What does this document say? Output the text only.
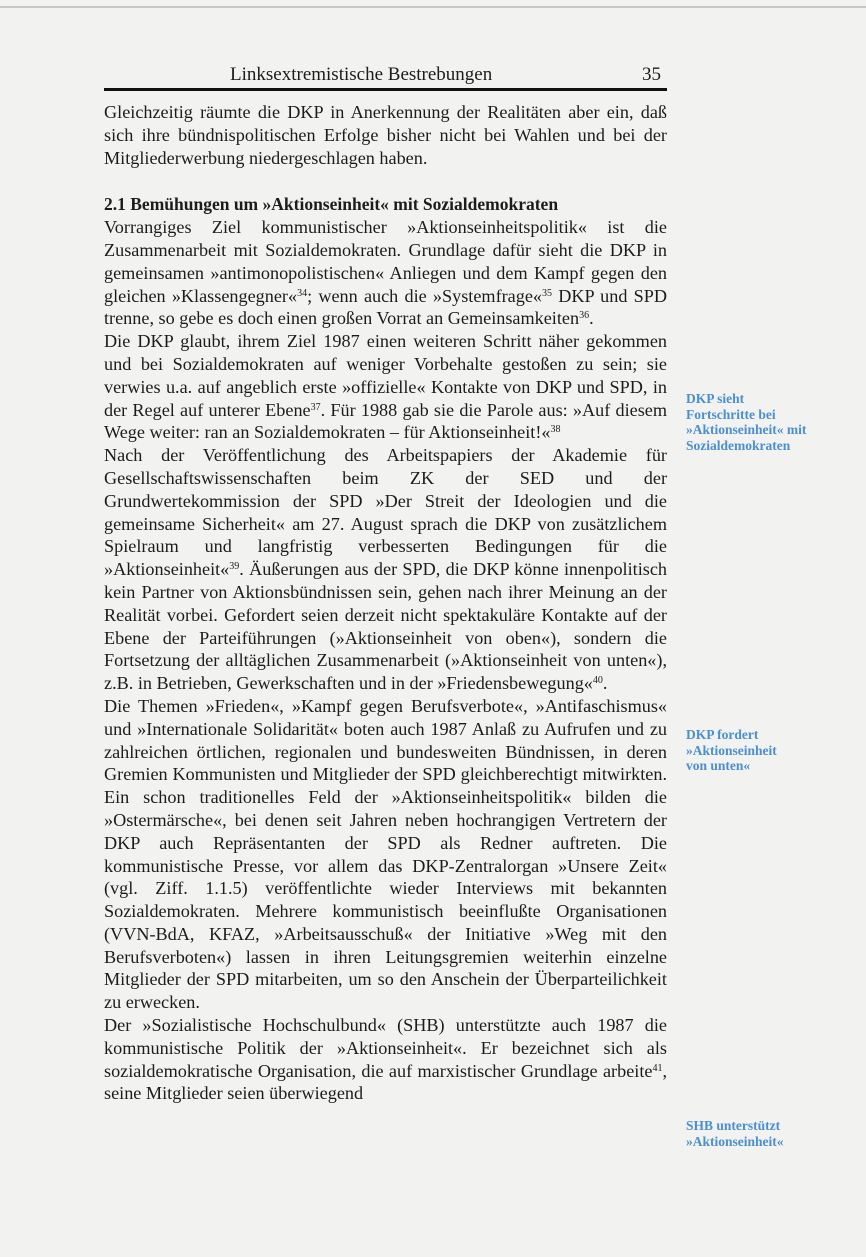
Linksextremistische Bestrebungen	35

Gleichzeitig räumte die DKP in Anerkennung der Realitäten aber ein, daß sich ihre bündnispolitischen Erfolge bisher nicht bei Wahlen und bei der Mitgliederwerbung niedergeschlagen haben.

2.1 Bemühungen um »Aktionseinheit« mit Sozialdemokraten

Vorrangiges Ziel kommunistischer »Aktionseinheitspolitik« ist die Zusammenarbeit mit Sozialdemokraten. Grundlage dafür sieht die DKP in gemeinsamen »antimonopolistischen« Anliegen und dem Kampf gegen den gleichen »Klassengegner«$^{34}$; wenn auch die »Systemfrage«$^{35}$ DKP und SPD trenne, so gebe es doch einen großen Vorrat an Gemeinsamkeiten$^{36}$.

Die DKP glaubt, ihrem Ziel 1987 einen weiteren Schritt näher gekommen und bei Sozialdemokraten auf weniger Vorbehalte gestoßen zu sein; sie verwies u.a. auf angeblich erste »offizielle« Kontakte von DKP und SPD, in der Regel auf unterer Ebene$^{37}$. Für 1988 gab sie die Parole aus: »Auf diesem Wege weiter: ran an Sozialdemokraten – für Aktionseinheit!«$^{38}$

Nach der Veröffentlichung des Arbeitspapiers der Akademie für Gesellschaftswissenschaften beim ZK der SED und der Grundwertekommission der SPD »Der Streit der Ideologien und die gemeinsame Sicherheit« am 27. August sprach die DKP von zusätzlichem Spielraum und langfristig verbesserten Bedingungen für die »Aktionseinheit«$^{39}$. Äußerungen aus der SPD, die DKP könne innenpolitisch kein Partner von Aktionsbündnissen sein, gehen nach ihrer Meinung an der Realität vorbei. Gefordert seien derzeit nicht spektakuläre Kontakte auf der Ebene der Parteiführungen (»Aktionseinheit von oben«), sondern die Fortsetzung der alltäglichen Zusammenarbeit (»Aktionseinheit von unten«), z.B. in Betrieben, Gewerkschaften und in der »Friedensbewegung«$^{40}$.

Die Themen »Frieden«, »Kampf gegen Berufsverbote«, »Antifaschismus« und »Internationale Solidarität« boten auch 1987 Anlaß zu Aufrufen und zu zahlreichen örtlichen, regionalen und bundesweiten Bündnissen, in deren Gremien Kommunisten und Mitglieder der SPD gleichberechtigt mitwirkten. Ein schon traditionelles Feld der »Aktionseinheitspolitik« bilden die »Ostermärsche«, bei denen seit Jahren neben hochrangigen Vertretern der DKP auch Repräsentanten der SPD als Redner auftreten. Die kommunistische Presse, vor allem das DKP-Zentralorgan »Unsere Zeit« (vgl. Ziff. 1.1.5) veröffentlichte wieder Interviews mit bekannten Sozialdemokraten. Mehrere kommunistisch beeinflußte Organisationen (VVN-BdA, KFAZ, »Arbeitsausschuß« der Initiative »Weg mit den Berufsverboten«) lassen in ihren Leitungsgremien weiterhin einzelne Mitglieder der SPD mitarbeiten, um so den Anschein der Überparteilichkeit zu erwecken.

Der »Sozialistische Hochschulbund« (SHB) unterstützte auch 1987 die kommunistische Politik der »Aktionseinheit«. Er bezeichnet sich als sozialdemokratische Organisation, die auf marxistischer Grundlage arbeite$^{41}$, seine Mitglieder seien überwiegend

DKP sieht
Fortschritte bei
»Aktionseinheit« mit
Sozialdemokraten
DKP fordert
»Aktionseinheit
von unten«
SHB unterstützt
»Aktionseinheit«
